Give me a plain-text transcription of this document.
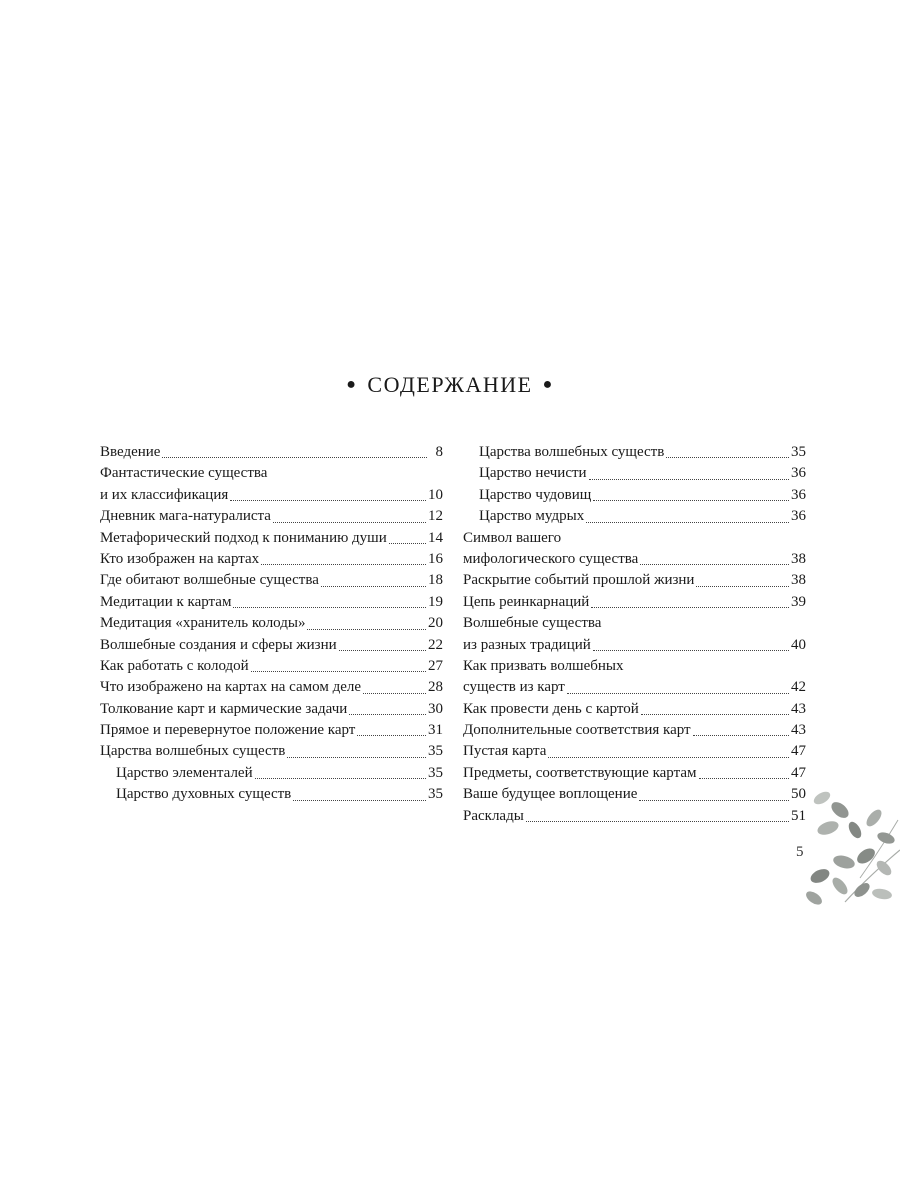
● СОДЕРЖАНИЕ ●
Введение	8
Фантастические существа
и их классификация	10
Дневник мага-натуралиста	12
Метафорический подход к пониманию души	14
Кто изображен на картах	16
Где обитают волшебные существа	18
Медитации к картам	19
Медитация «хранитель колоды»	20
Волшебные создания и сферы жизни	22
Как работать с колодой	27
Что изображено на картах на самом деле	28
Толкование карт и кармические задачи	30
Прямое и перевернутое положение карт	31
Царства волшебных существ	35
Царство элементалей	35
Царство духовных существ	35
Царства волшебных существ	35
Царство нечисти	36
Царство чудовищ	36
Царство мудрых	36
Символ вашего
мифологического существа	38
Раскрытие событий прошлой жизни	38
Цепь реинкарнаций	39
Волшебные существа
из разных традиций	40
Как призвать волшебных
существ из карт	42
Как провести день с картой	43
Дополнительные соответствия карт	43
Пустая карта	47
Предметы, соответствующие картам	47
Ваше будущее воплощение	50
Расклады	51
5
